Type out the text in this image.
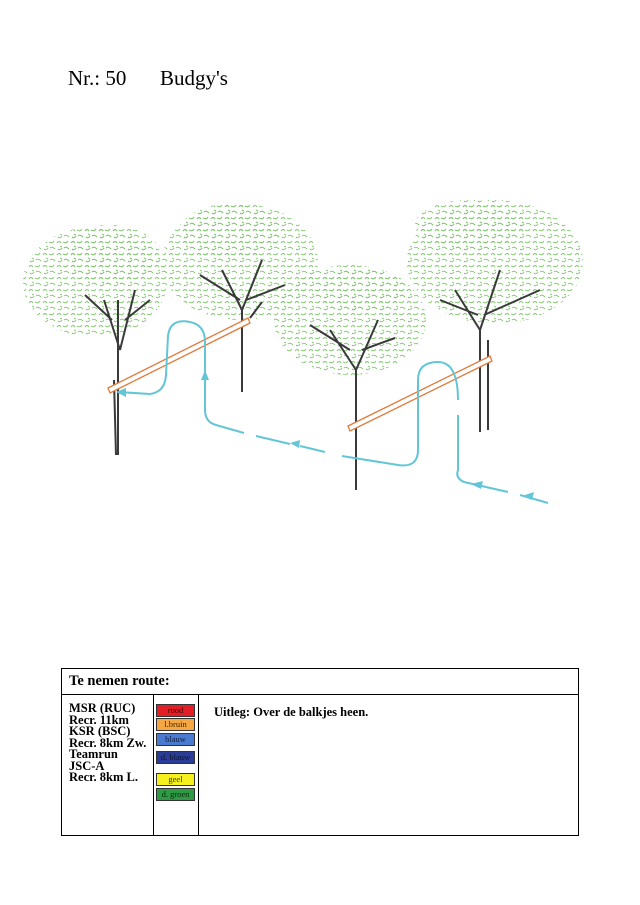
Nr.: 50 Budgy's
Te nemen route:
MSR (RUC)
Recr. 11km
KSR (BSC)
Recr. 8km Zw.
Teamrun
JSC-A
Recr. 8km L.
rood
l.bruin
blauw
d. blauw
geel
d. groen
Uitleg: Over de balkjes heen.
